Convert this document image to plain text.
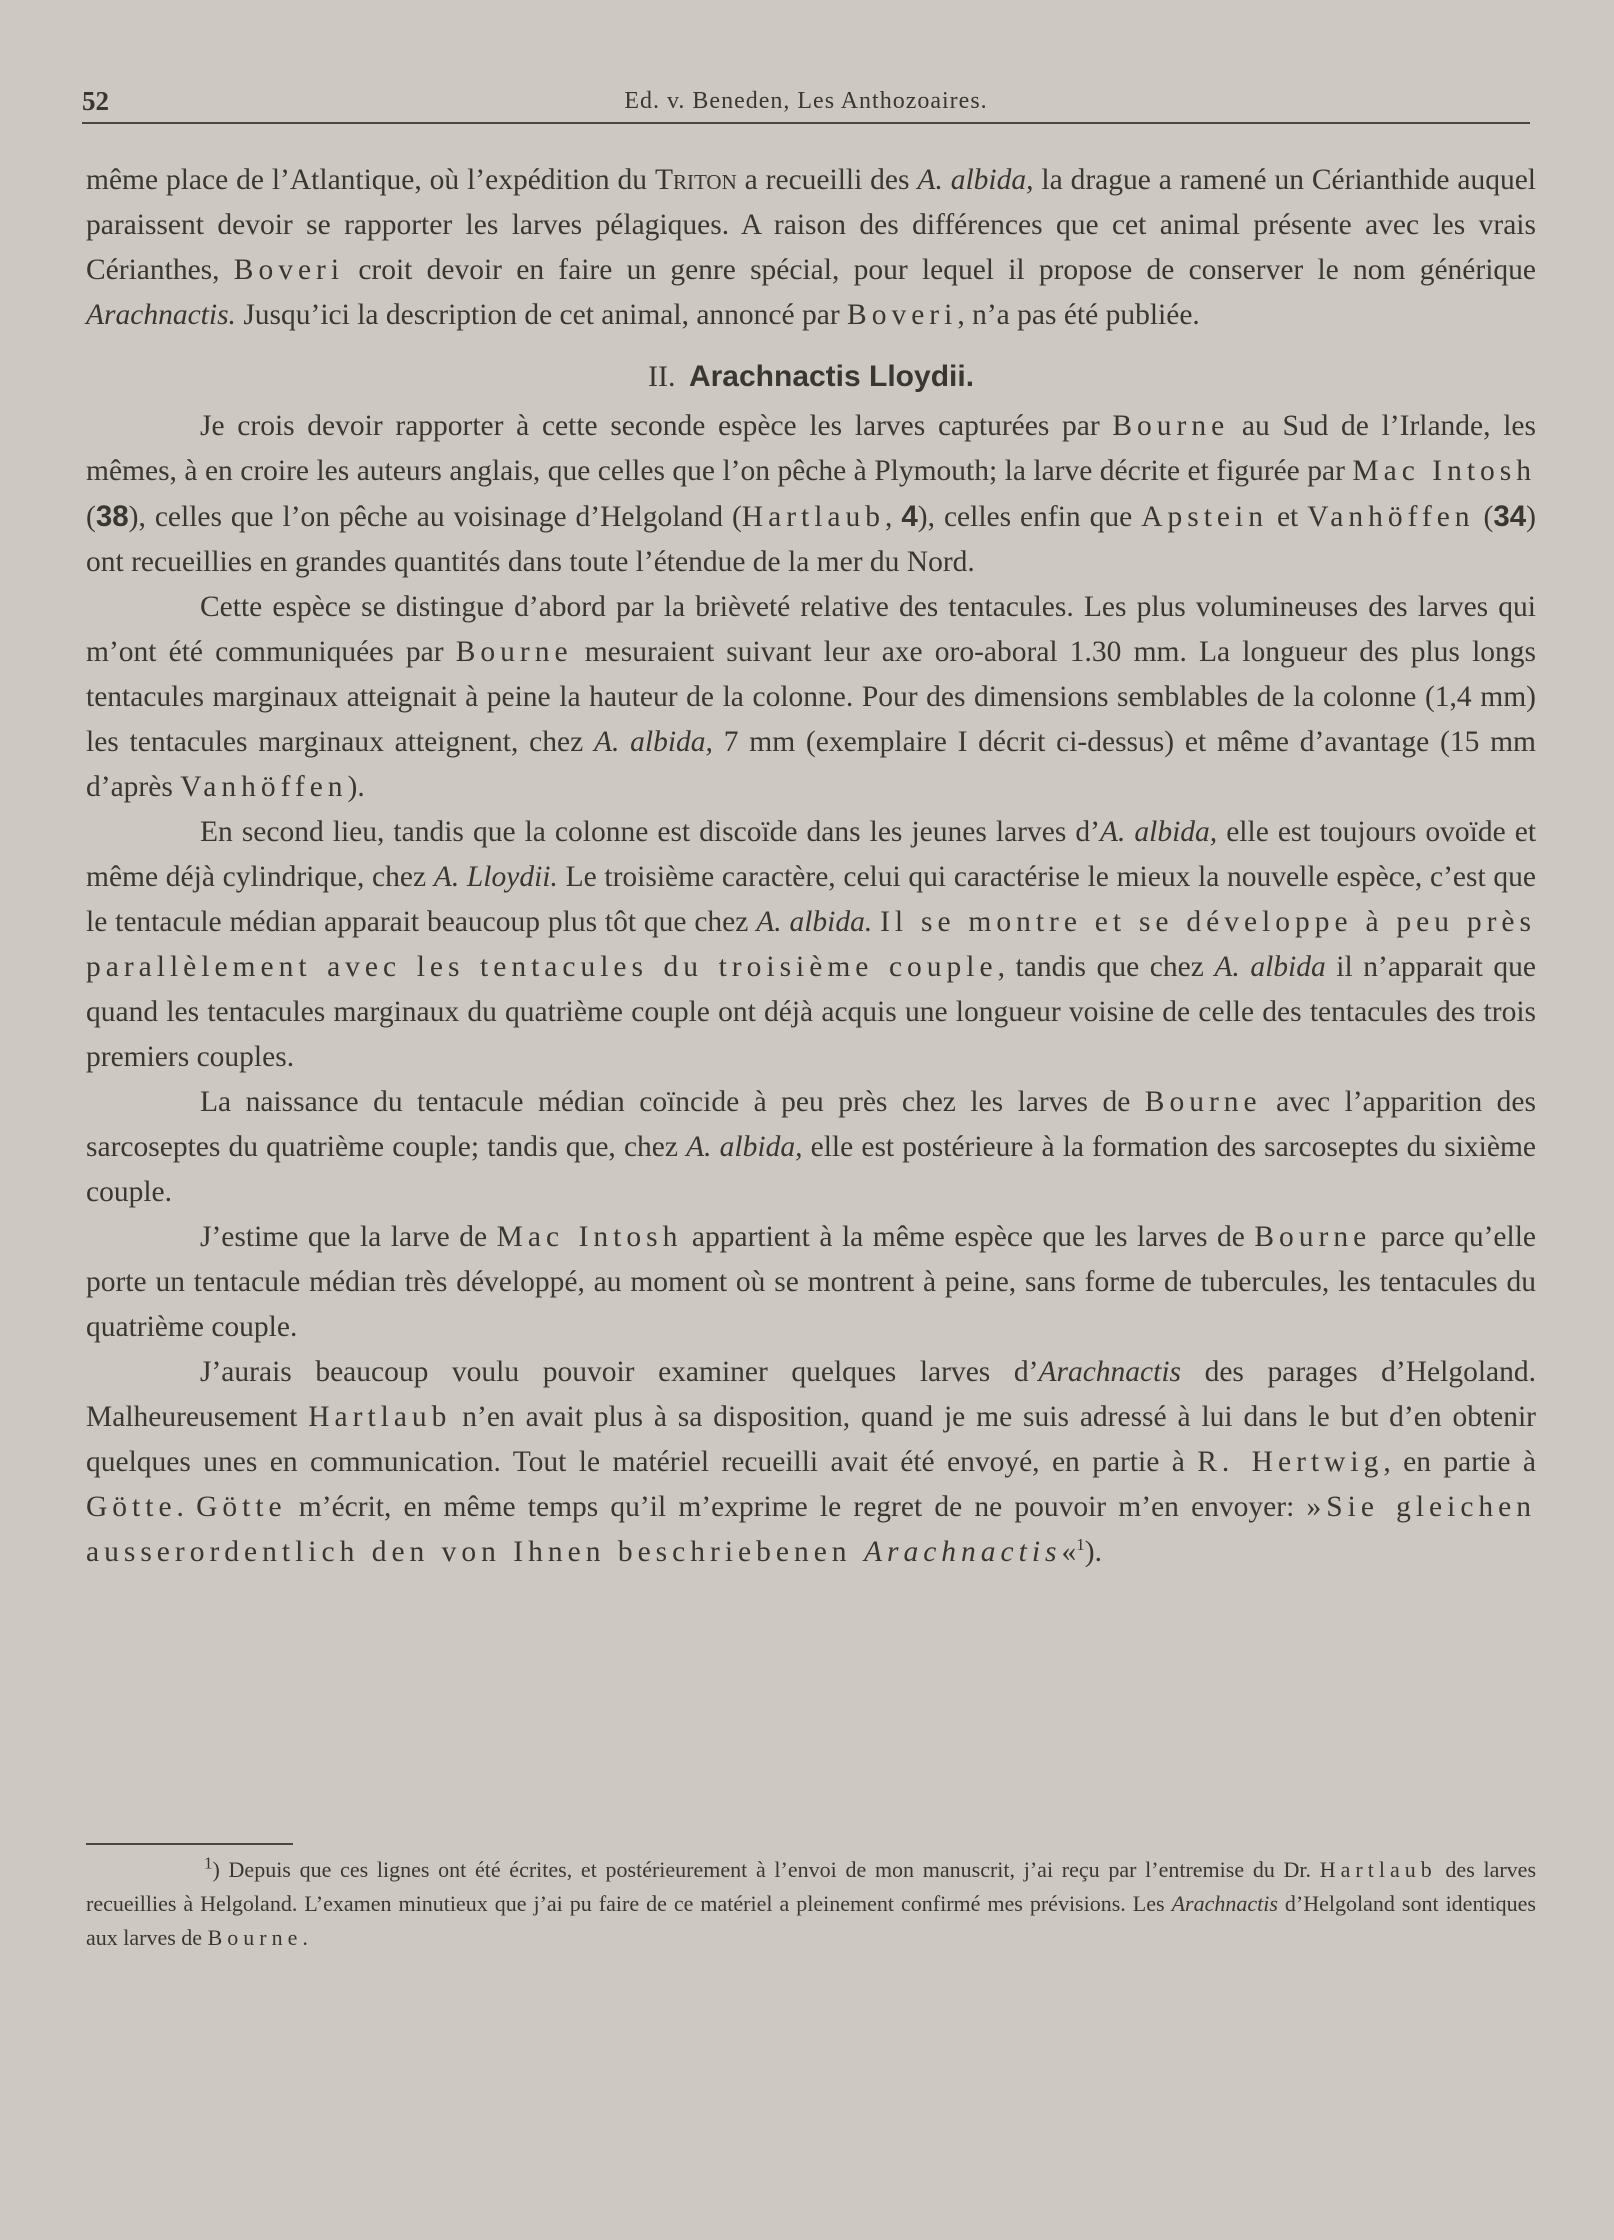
52	Ed. v. Beneden, Les Anthozoaires.

même place de l’Atlantique, où l’expédition du Triton a recueilli des A. albida, la drague a ramené un Cérianthide auquel paraissent devoir se rapporter les larves pélagiques. A raison des différences que cet animal présente avec les vrais Cérianthes, Boveri croit devoir en faire un genre spécial, pour lequel il propose de conserver le nom générique Arachnactis. Jusqu’ici la description de cet animal, annoncé par Boveri, n’a pas été publiée.

II. Arachnactis Lloydii.

Je crois devoir rapporter à cette seconde espèce les larves capturées par Bourne au Sud de l’Irlande, les mêmes, à en croire les auteurs anglais, que celles que l’on pêche à Plymouth; la larve décrite et figurée par Mac Intosh (38), celles que l’on pêche au voisinage d’Helgoland (Hartlaub, 4), celles enfin que Apstein et Vanhöffen (34) ont recueillies en grandes quantités dans toute l’étendue de la mer du Nord.

Cette espèce se distingue d’abord par la brièveté relative des tentacules. Les plus volumineuses des larves qui m’ont été communiquées par Bourne mesuraient suivant leur axe oro-aboral 1.30 mm. La longueur des plus longs tentacules marginaux atteignait à peine la hauteur de la colonne. Pour des dimensions semblables de la colonne (1,4 mm) les tentacules marginaux atteignent, chez A. albida, 7 mm (exemplaire I décrit ci-dessus) et même d’avantage (15 mm d’après Vanhöffen).

En second lieu, tandis que la colonne est discoïde dans les jeunes larves d’A. albida, elle est toujours ovoïde et même déjà cylindrique, chez A. Lloydii. Le troisième caractère, celui qui caractérise le mieux la nouvelle espèce, c’est que le tentacule médian apparait beaucoup plus tôt que chez A. albida. Il se montre et se développe à peu près parallèlement avec les tentacules du troisième couple, tandis que chez A. albida il n’apparait que quand les tentacules marginaux du quatrième couple ont déjà acquis une longueur voisine de celle des tentacules des trois premiers couples.

La naissance du tentacule médian coïncide à peu près chez les larves de Bourne avec l’apparition des sarcoseptes du quatrième couple; tandis que, chez A. albida, elle est postérieure à la formation des sarcoseptes du sixième couple.

J’estime que la larve de Mac Intosh appartient à la même espèce que les larves de Bourne parce qu’elle porte un tentacule médian très développé, au moment où se montrent à peine, sans forme de tubercules, les tentacules du quatrième couple.

J’aurais beaucoup voulu pouvoir examiner quelques larves d’Arachnactis des parages d’Helgoland. Malheureusement Hartlaub n’en avait plus à sa disposition, quand je me suis adressé à lui dans le but d’en obtenir quelques unes en communication. Tout le matériel recueilli avait été envoyé, en partie à R. Hertwig, en partie à Götte. Götte m’écrit, en même temps qu’il m’exprime le regret de ne pouvoir m’en envoyer: »Sie gleichen ausserordentlich den von Ihnen beschriebenen Arachnactis«$^1$).

$^1$) Depuis que ces lignes ont été écrites, et postérieurement à l’envoi de mon manuscrit, j’ai reçu par l’entremise du Dr. Hartlaub des larves recueillies à Helgoland. L’examen minutieux que j’ai pu faire de ce matériel a pleinement confirmé mes prévisions. Les Arachnactis d’Helgoland sont identiques aux larves de Bourne.
